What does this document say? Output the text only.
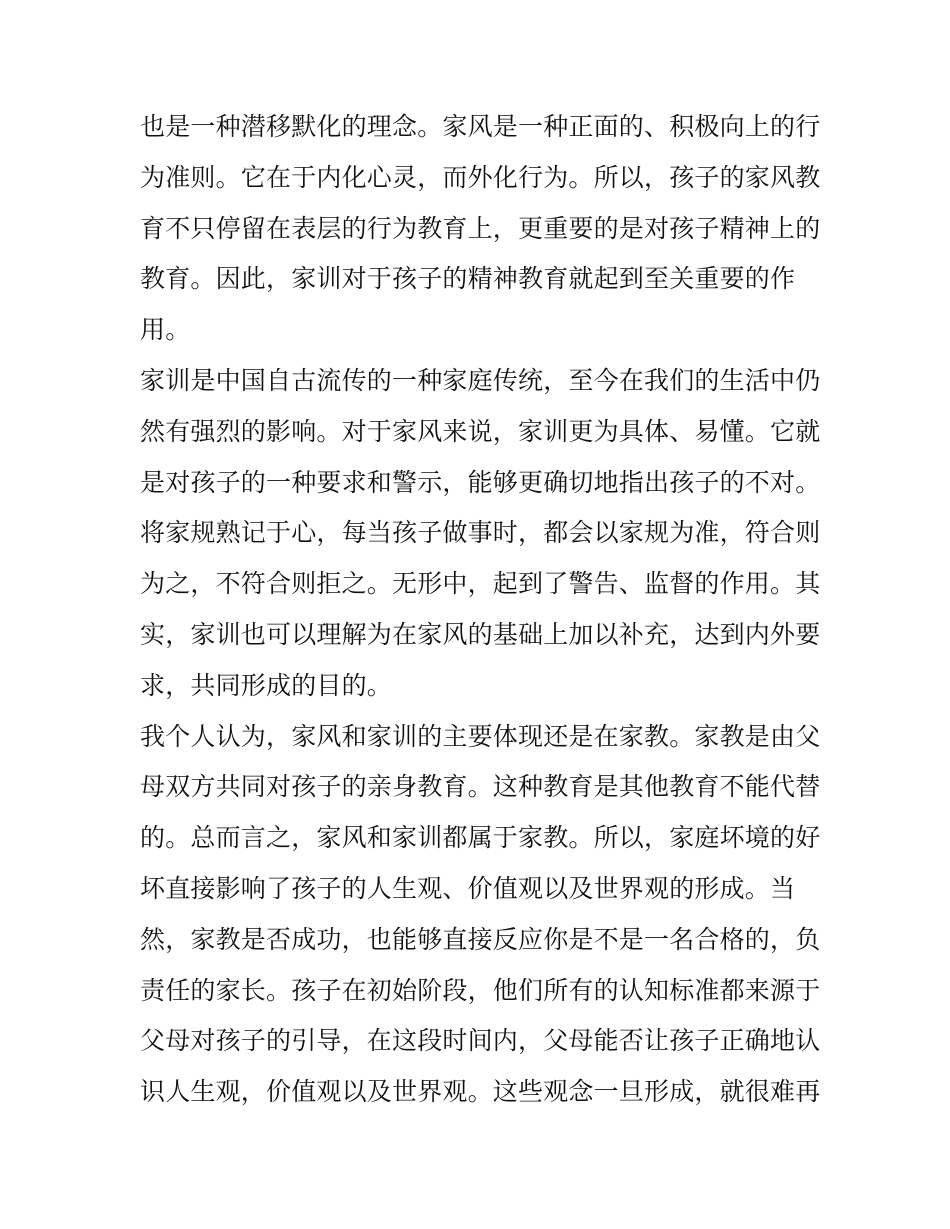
也是一种潜移默化的理念。家风是一种正面的、积极向上的行
为准则。它在于内化心灵，而外化行为。所以，孩子的家风教
育不只停留在表层的行为教育上，更重要的是对孩子精神上的
教育。因此，家训对于孩子的精神教育就起到至关重要的作
用。
家训是中国自古流传的一种家庭传统，至今在我们的生活中仍
然有强烈的影响。对于家风来说，家训更为具体、易懂。它就
是对孩子的一种要求和警示，能够更确切地指出孩子的不对。
将家规熟记于心，每当孩子做事时，都会以家规为准，符合则
为之，不符合则拒之。无形中，起到了警告、监督的作用。其
实，家训也可以理解为在家风的基础上加以补充，达到内外要
求，共同形成的目的。
我个人认为，家风和家训的主要体现还是在家教。家教是由父
母双方共同对孩子的亲身教育。这种教育是其他教育不能代替
的。总而言之，家风和家训都属于家教。所以，家庭坏境的好
坏直接影响了孩子的人生观、价值观以及世界观的形成。当
然，家教是否成功，也能够直接反应你是不是一名合格的，负
责任的家长。孩子在初始阶段，他们所有的认知标准都来源于
父母对孩子的引导，在这段时间内，父母能否让孩子正确地认
识人生观，价值观以及世界观。这些观念一旦形成，就很难再
